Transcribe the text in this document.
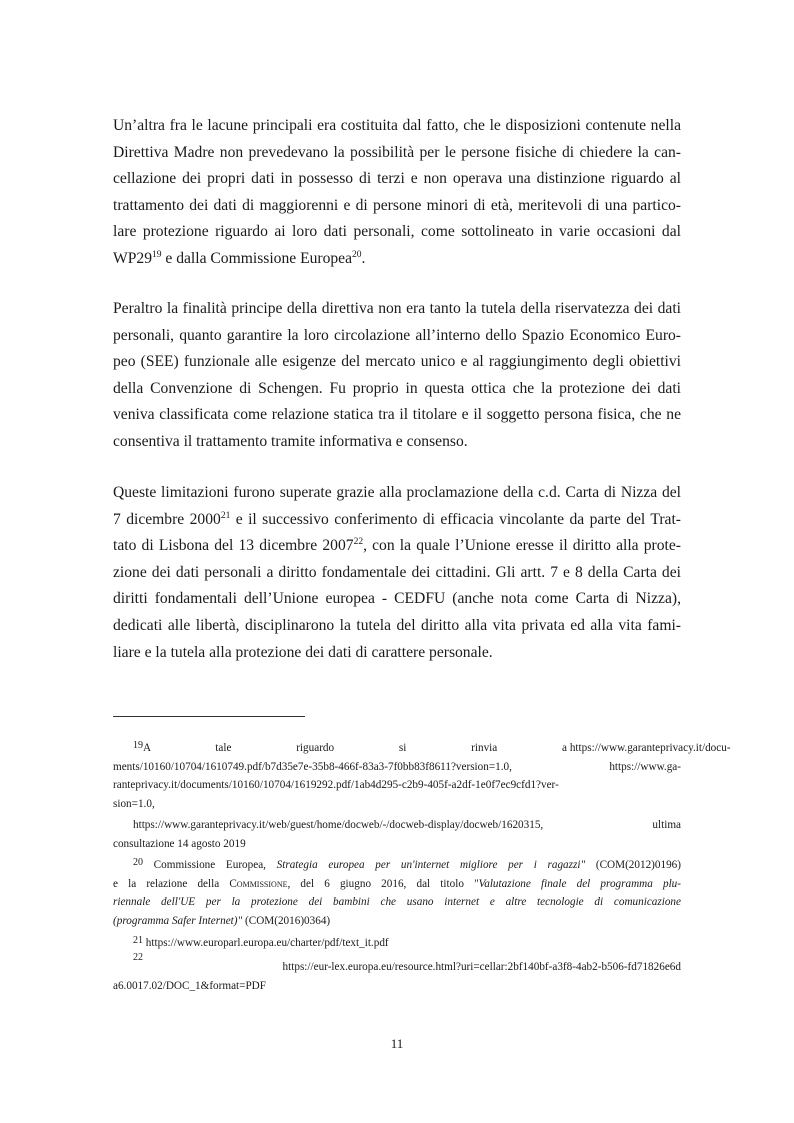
Un’altra fra le lacune principali era costituita dal fatto, che le disposizioni contenute nella
Direttiva Madre non prevedevano la possibilità per le persone fisiche di chiedere la can-
cellazione dei propri dati in possesso di terzi e non operava una distinzione riguardo al
trattamento dei dati di maggiorenni e di persone minori di età, meritevoli di una partico-
lare protezione riguardo ai loro dati personali, come sottolineato in varie occasioni dal
$WP29^{19}$ e dalla Commissione Europea$^{20}$.
Peraltro la finalità principe della direttiva non era tanto la tutela della riservatezza dei dati
personali, quanto garantire la loro circolazione all’interno dello Spazio Economico Euro-
peo (SEE) funzionale alle esigenze del mercato unico e al raggiungimento degli obiettivi
della Convenzione di Schengen. Fu proprio in questa ottica che la protezione dei dati
veniva classificata come relazione statica tra il titolare e il soggetto persona fisica, che ne
consentiva il trattamento tramite informativa e consenso.
Queste limitazioni furono superate grazie alla proclamazione della c.d. Carta di Nizza del
7 dicembre 2000$^{21}$ e il successivo conferimento di efficacia vincolante da parte del Trat-
tato di Lisbona del 13 dicembre 2007$^{22}$, con la quale l’Unione eresse il diritto alla prote-
zione dei dati personali a diritto fondamentale dei cittadini. Gli artt. 7 e 8 della Carta dei
diritti fondamentali dell’Unione europea - CEDFU (anche nota come Carta di Nizza),
dedicati alle libertà, disciplinarono la tutela del diritto alla vita privata ed alla vita fami-
liare e la tutela alla protezione dei dati di carattere personale.
$^{19}$A tale riguardo si rinvia a https://www.garanteprivacy.it/docu-
ments/10160/10704/1610749.pdf/b7d35e7e-35b8-466f-83a3-7f0bb83f8611?version=1.0, https://www.ga-
ranteprivacy.it/documents/10160/10704/1619292.pdf/1ab4d295-c2b9-405f-a2df-1e0f7ec9cfd1?ver-
sion=1.0,
https://www.garanteprivacy.it/web/guest/home/docweb/-/docweb-display/docweb/1620315, ultima
consultazione 14 agosto 2019
$^{20}$ Commissione Europea, Strategia europea per un'internet migliore per i ragazzi" (COM(2012)0196)
e la relazione della Commissione, del 6 giugno 2016, dal titolo "Valutazione finale del programma plu-
riennale dell'UE per la protezione dei bambini che usano internet e altre tecnologie di comunicazione
(programma Safer Internet)" (COM(2016)0364)
$^{21}$ https://www.europarl.europa.eu/charter/pdf/text_it.pdf
22
https://eur-lex.europa.eu/resource.html?uri=cellar:2bf140bf-a3f8-4ab2-b506-fd71826e6d
a6.0017.02/DOC_1&format=PDF
11
